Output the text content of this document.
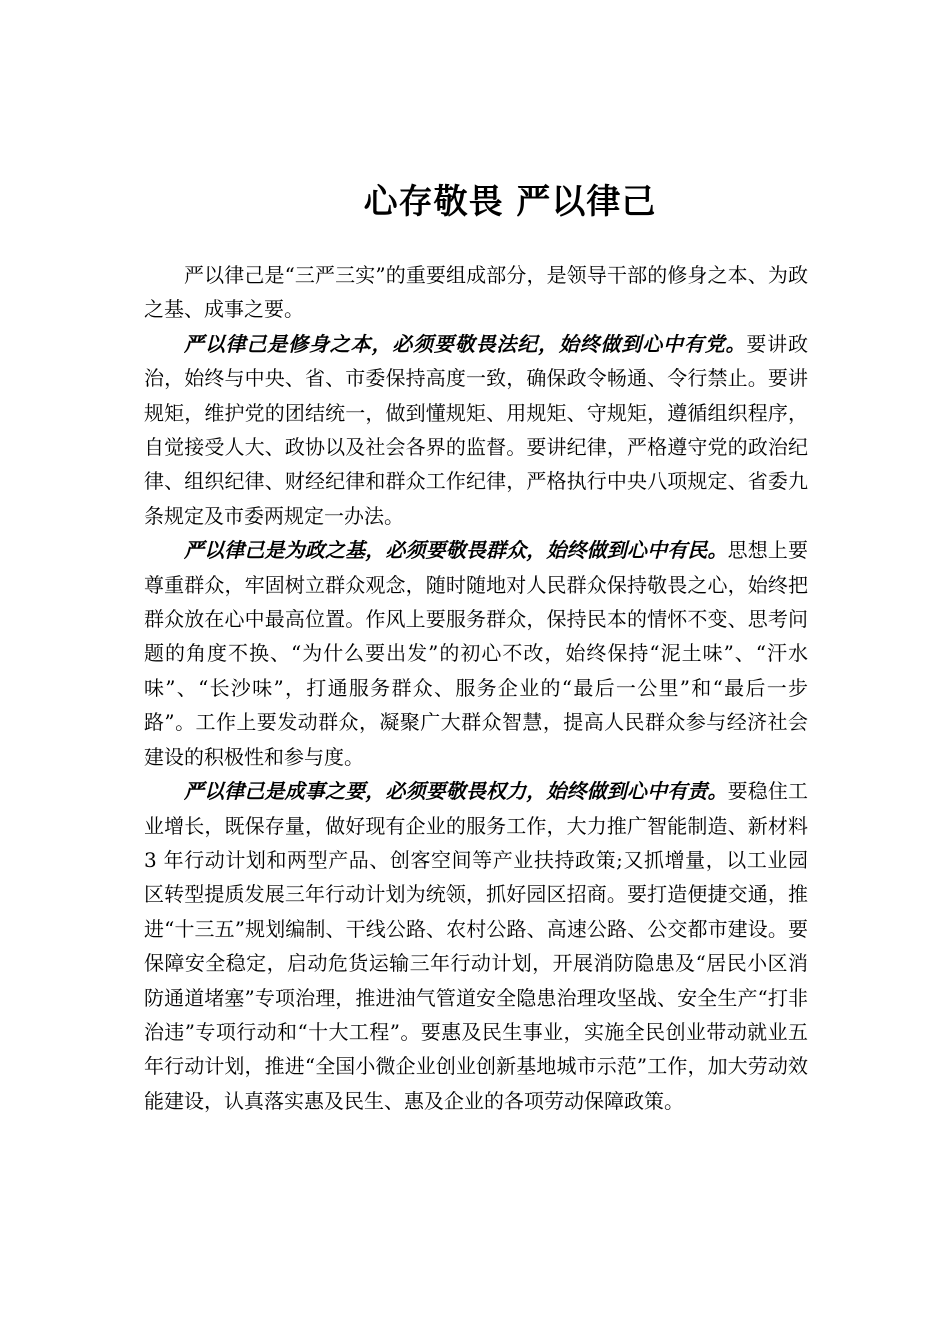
心存敬畏 严以律己

严以律己是“三严三实”的重要组成部分，是领导干部的修身之本、为政之基、成事之要。

严以律己是修身之本，必须要敬畏法纪，始终做到心中有党。要讲政治，始终与中央、省、市委保持高度一致，确保政令畅通、令行禁止。要讲规矩，维护党的团结统一，做到懂规矩、用规矩、守规矩，遵循组织程序，自觉接受人大、政协以及社会各界的监督。要讲纪律，严格遵守党的政治纪律、组织纪律、财经纪律和群众工作纪律，严格执行中央八项规定、省委九条规定及市委两规定一办法。

严以律己是为政之基，必须要敬畏群众，始终做到心中有民。思想上要尊重群众，牢固树立群众观念，随时随地对人民群众保持敬畏之心，始终把群众放在心中最高位置。作风上要服务群众，保持民本的情怀不变、思考问题的角度不换、“为什么要出发”的初心不改，始终保持“泥土味”、“汗水味”、“长沙味”，打通服务群众、服务企业的“最后一公里”和“最后一步路”。工作上要发动群众，凝聚广大群众智慧，提高人民群众参与经济社会建设的积极性和参与度。

严以律己是成事之要，必须要敬畏权力，始终做到心中有责。要稳住工业增长，既保存量，做好现有企业的服务工作，大力推广智能制造、新材料 3 年行动计划和两型产品、创客空间等产业扶持政策;又抓增量，以工业园区转型提质发展三年行动计划为统领，抓好园区招商。要打造便捷交通，推进“十三五”规划编制、干线公路、农村公路、高速公路、公交都市建设。要保障安全稳定，启动危货运输三年行动计划，开展消防隐患及“居民小区消防通道堵塞”专项治理，推进油气管道安全隐患治理攻坚战、安全生产“打非治违”专项行动和“十大工程”。要惠及民生事业，实施全民创业带动就业五年行动计划，推进“全国小微企业创业创新基地城市示范”工作，加大劳动效能建设，认真落实惠及民生、惠及企业的各项劳动保障政策。
